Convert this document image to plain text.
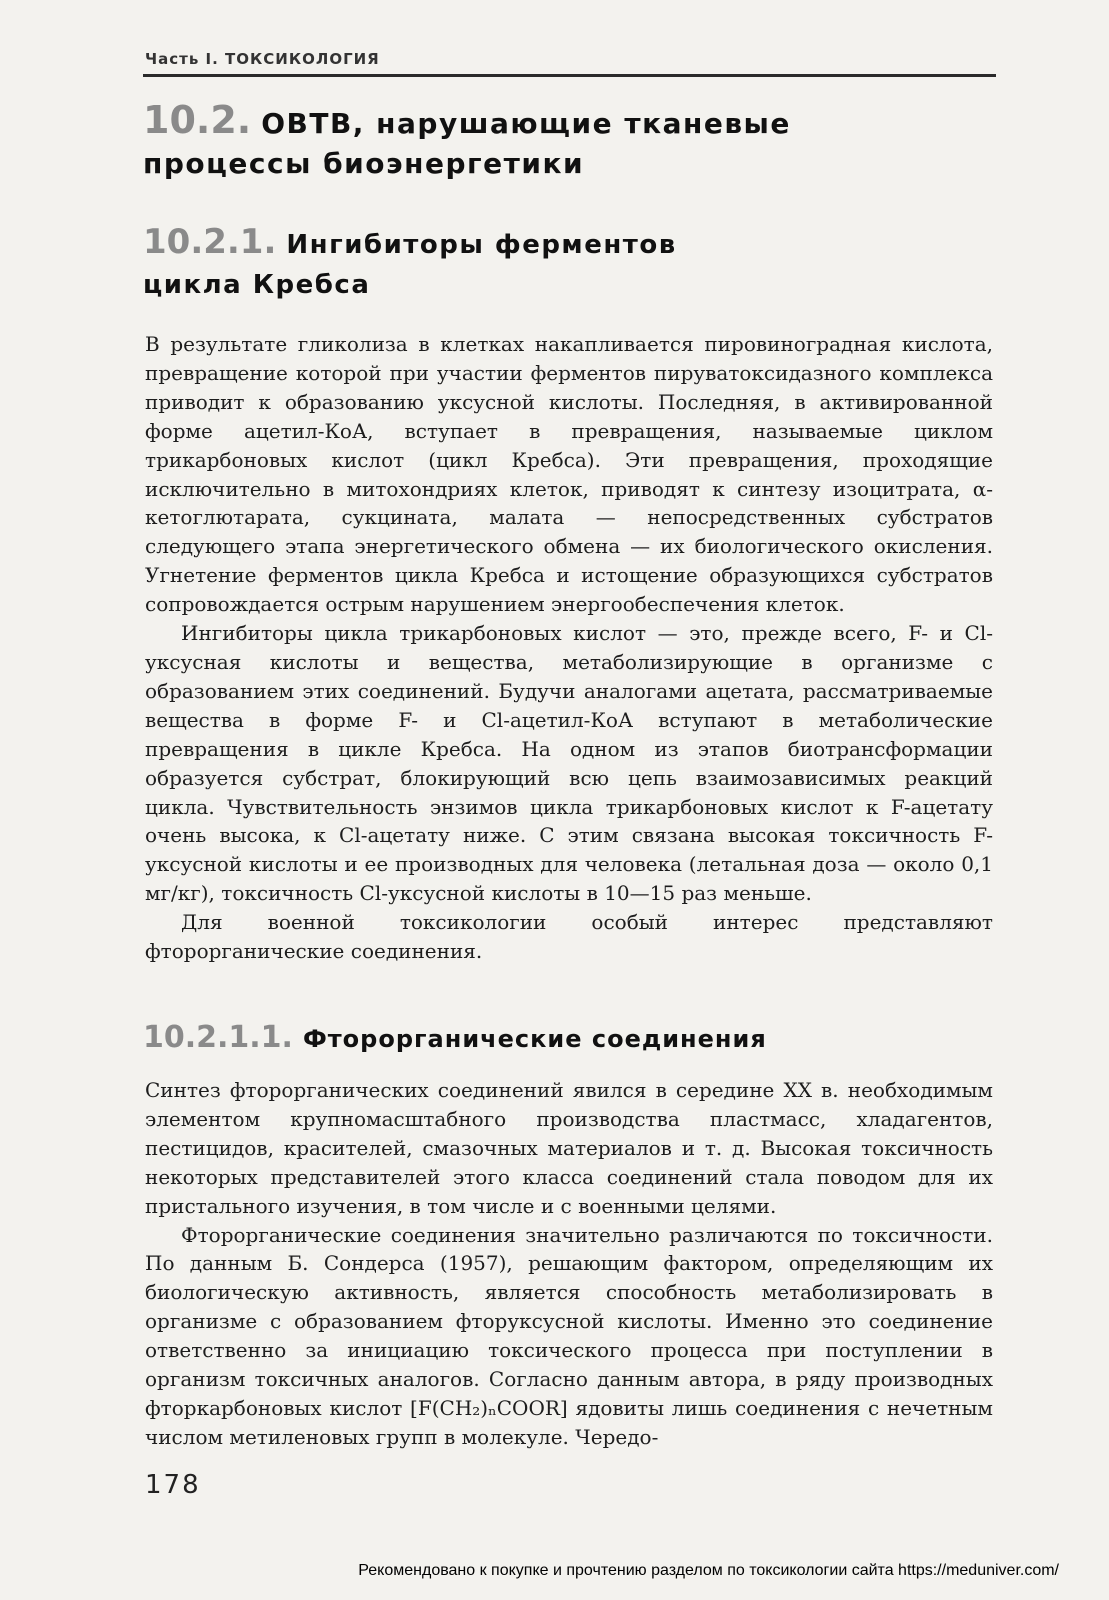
Часть I. ТОКСИКОЛОГИЯ
10.2. ОВТВ, нарушающие тканевые
процессы биоэнергетики
10.2.1. Ингибиторы ферментов
цикла Кребса

В результате гликолиза в клетках накапливается пировиноградная кислота, превращение которой при участии ферментов пируватоксидазного комплекса приводит к образованию уксусной кислоты. Последняя, в активированной форме ацетил-КоА, вступает в превращения, называемые циклом трикарбоновых кислот (цикл Кребса). Эти превращения, проходящие исключительно в митохондриях клеток, приводят к синтезу изоцитрата, α-кетоглютарата, сукцината, малата — непосредственных субстратов следующего этапа энергетического обмена — их биологического окисления. Угнетение ферментов цикла Кребса и истощение образующихся субстратов сопровождается острым нарушением энергообеспечения клеток.

Ингибиторы цикла трикарбоновых кислот — это, прежде всего, F- и Cl-уксусная кислоты и вещества, метаболизирующие в организме с образованием этих соединений. Будучи аналогами ацетата, рассматриваемые вещества в форме F- и Cl-ацетил-КоА вступают в метаболические превращения в цикле Кребса. На одном из этапов биотрансформации образуется субстрат, блокирующий всю цепь взаимозависимых реакций цикла. Чувствительность энзимов цикла трикарбоновых кислот к F-ацетату очень высока, к Cl-ацетату ниже. С этим связана высокая токсичность F-уксусной кислоты и ее производных для человека (летальная доза — около 0,1 мг/кг), токсичность Cl-уксусной кислоты в 10—15 раз меньше.

Для военной токсикологии особый интерес представляют фторорганические соединения.

10.2.1.1. Фторорганические соединения

Синтез фторорганических соединений явился в середине XX в. необходимым элементом крупномасштабного производства пластмасс, хладагентов, пестицидов, красителей, смазочных материалов и т. д. Высокая токсичность некоторых представителей этого класса соединений стала поводом для их пристального изучения, в том числе и с военными целями.

Фторорганические соединения значительно различаются по токсичности. По данным Б. Сондерса (1957), решающим фактором, определяющим их биологическую активность, является способность метаболизировать в организме с образованием фторуксусной кислоты. Именно это соединение ответственно за инициацию токсического процесса при поступлении в организм токсичных аналогов. Согласно данным автора, в ряду производных фторкарбоновых кислот [F(CH₂)ₙCOOR] ядовиты лишь соединения с нечетным числом метиленовых групп в молекуле. Чередо-

178
Рекомендовано к покупке и прочтению разделом по токсикологии сайта https://meduniver.com/
